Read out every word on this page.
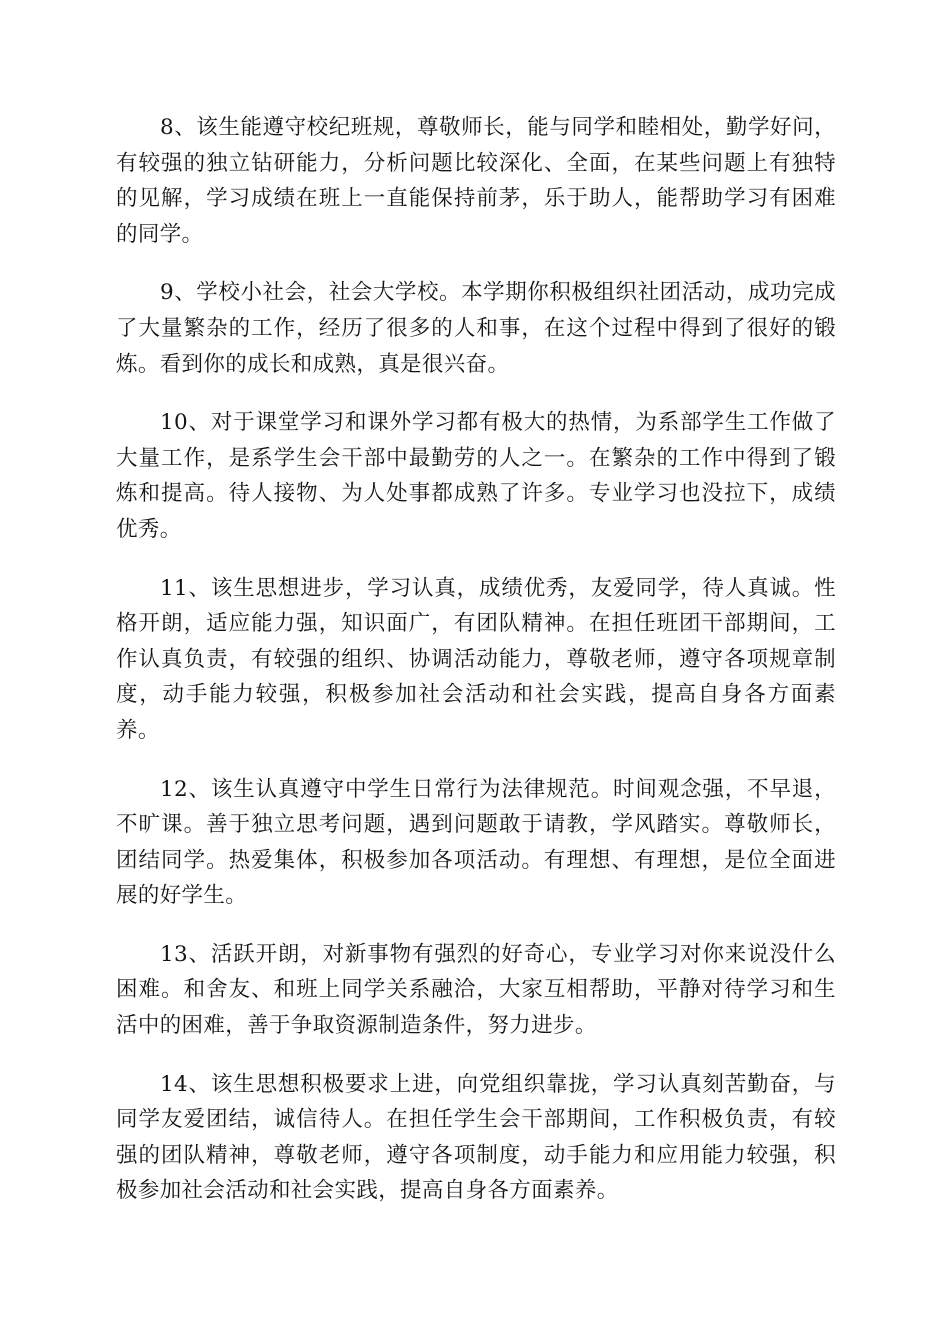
8、该生能遵守校纪班规，尊敬师长，能与同学和睦相处，勤学好问，有较强的独立钻研能力，分析问题比较深化、全面，在某些问题上有独特的见解，学习成绩在班上一直能保持前茅，乐于助人，能帮助学习有困难的同学。

9、学校小社会，社会大学校。本学期你积极组织社团活动，成功完成了大量繁杂的工作，经历了很多的人和事，在这个过程中得到了很好的锻炼。看到你的成长和成熟，真是很兴奋。

10、对于课堂学习和课外学习都有极大的热情，为系部学生工作做了大量工作，是系学生会干部中最勤劳的人之一。在繁杂的工作中得到了锻炼和提高。待人接物、为人处事都成熟了许多。专业学习也没拉下，成绩优秀。

11、该生思想进步，学习认真，成绩优秀，友爱同学，待人真诚。性格开朗，适应能力强，知识面广，有团队精神。在担任班团干部期间，工作认真负责，有较强的组织、协调活动能力，尊敬老师，遵守各项规章制度，动手能力较强，积极参加社会活动和社会实践，提高自身各方面素养。

12、该生认真遵守中学生日常行为法律规范。时间观念强，不早退，不旷课。善于独立思考问题，遇到问题敢于请教，学风踏实。尊敬师长，团结同学。热爱集体，积极参加各项活动。有理想、有理想，是位全面进展的好学生。

13、活跃开朗，对新事物有强烈的好奇心，专业学习对你来说没什么困难。和舍友、和班上同学关系融洽，大家互相帮助，平静对待学习和生活中的困难，善于争取资源制造条件，努力进步。

14、该生思想积极要求上进，向党组织靠拢，学习认真刻苦勤奋，与同学友爱团结，诚信待人。在担任学生会干部期间，工作积极负责，有较强的团队精神，尊敬老师，遵守各项制度，动手能力和应用能力较强，积极参加社会活动和社会实践，提高自身各方面素养。
